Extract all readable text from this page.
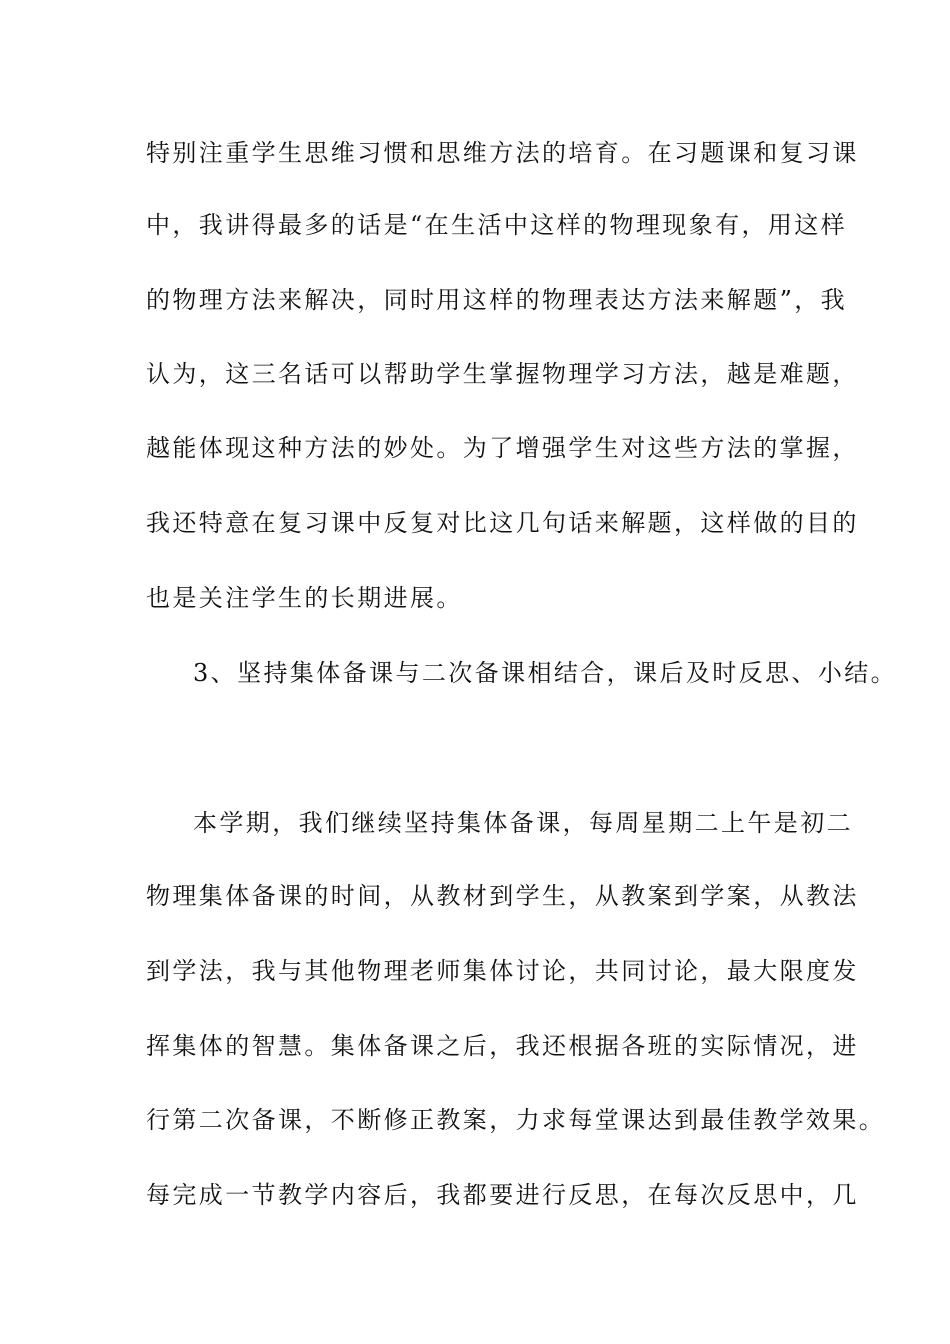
特别注重学生思维习惯和思维方法的培育。在习题课和复习课
中，我讲得最多的话是“在生活中这样的物理现象有，用这样
的物理方法来解决，同时用这样的物理表达方法来解题”，我
认为，这三名话可以帮助学生掌握物理学习方法，越是难题，
越能体现这种方法的妙处。为了增强学生对这些方法的掌握，
我还特意在复习课中反复对比这几句话来解题，这样做的目的
也是关注学生的长期进展。
3、坚持集体备课与二次备课相结合，课后及时反思、小结。
本学期，我们继续坚持集体备课，每周星期二上午是初二
物理集体备课的时间，从教材到学生，从教案到学案，从教法
到学法，我与其他物理老师集体讨论，共同讨论，最大限度发
挥集体的智慧。集体备课之后，我还根据各班的实际情况，进
行第二次备课，不断修正教案，力求每堂课达到最佳教学效果。
每完成一节教学内容后，我都要进行反思，在每次反思中，几
